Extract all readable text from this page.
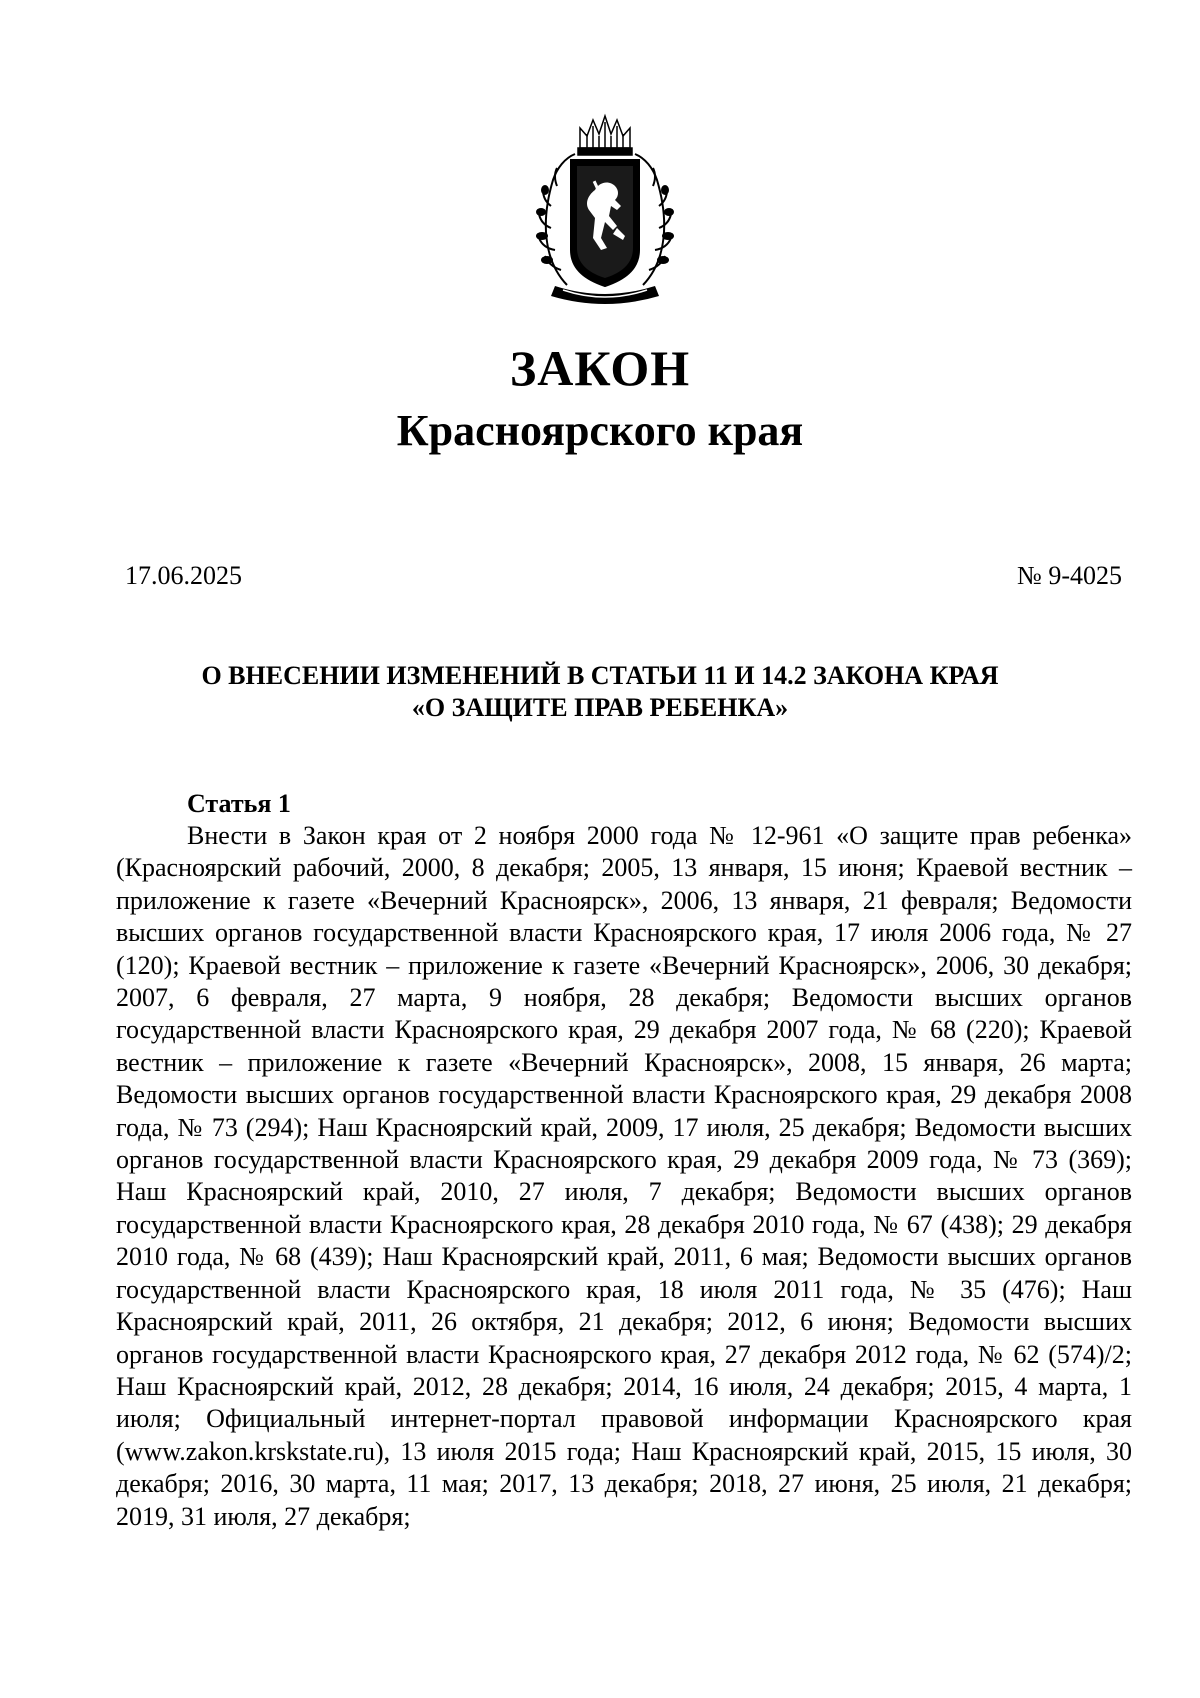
ЗАКОН
Красноярского края
17.06.2025	№ 9-4025
О ВНЕСЕНИИ ИЗМЕНЕНИЙ В СТАТЬИ 11 И 14.2 ЗАКОНА КРАЯ
«О ЗАЩИТЕ ПРАВ РЕБЕНКА»
Статья 1

Внести в Закон края от 2 ноября 2000 года № 12-961 «О защите прав ребенка» (Красноярский рабочий, 2000, 8 декабря; 2005, 13 января, 15 июня; Краевой вестник – приложение к газете «Вечерний Красноярск», 2006, 13 января, 21 февраля; Ведомости высших органов государственной власти Красноярского края, 17 июля 2006 года, № 27 (120); Краевой вестник – приложение к газете «Вечерний Красноярск», 2006, 30 декабря; 2007, 6 февраля, 27 марта, 9 ноября, 28 декабря; Ведомости высших органов государственной власти Красноярского края, 29 декабря 2007 года, № 68 (220); Краевой вестник – приложение к газете «Вечерний Красноярск», 2008, 15 января, 26 марта; Ведомости высших органов государственной власти Красноярского края, 29 декабря 2008 года, № 73 (294); Наш Красноярский край, 2009, 17 июля, 25 декабря; Ведомости высших органов государственной власти Красноярского края, 29 декабря 2009 года, № 73 (369); Наш Красноярский край, 2010, 27 июля, 7 декабря; Ведомости высших органов государственной власти Красноярского края, 28 декабря 2010 года, № 67 (438); 29 декабря 2010 года, № 68 (439); Наш Красноярский край, 2011, 6 мая; Ведомости высших органов государственной власти Красноярского края, 18 июля 2011 года, № 35 (476); Наш Красноярский край, 2011, 26 октября, 21 декабря; 2012, 6 июня; Ведомости высших органов государственной власти Красноярского края, 27 декабря 2012 года, № 62 (574)/2; Наш Красноярский край, 2012, 28 декабря; 2014, 16 июля, 24 декабря; 2015, 4 марта, 1 июля; Официальный интернет-портал правовой информации Красноярского края (www.zakon.krskstate.ru), 13 июля 2015 года; Наш Красноярский край, 2015, 15 июля, 30 декабря; 2016, 30 марта, 11 мая; 2017, 13 декабря; 2018, 27 июня, 25 июля, 21 декабря; 2019, 31 июля, 27 декабря;
